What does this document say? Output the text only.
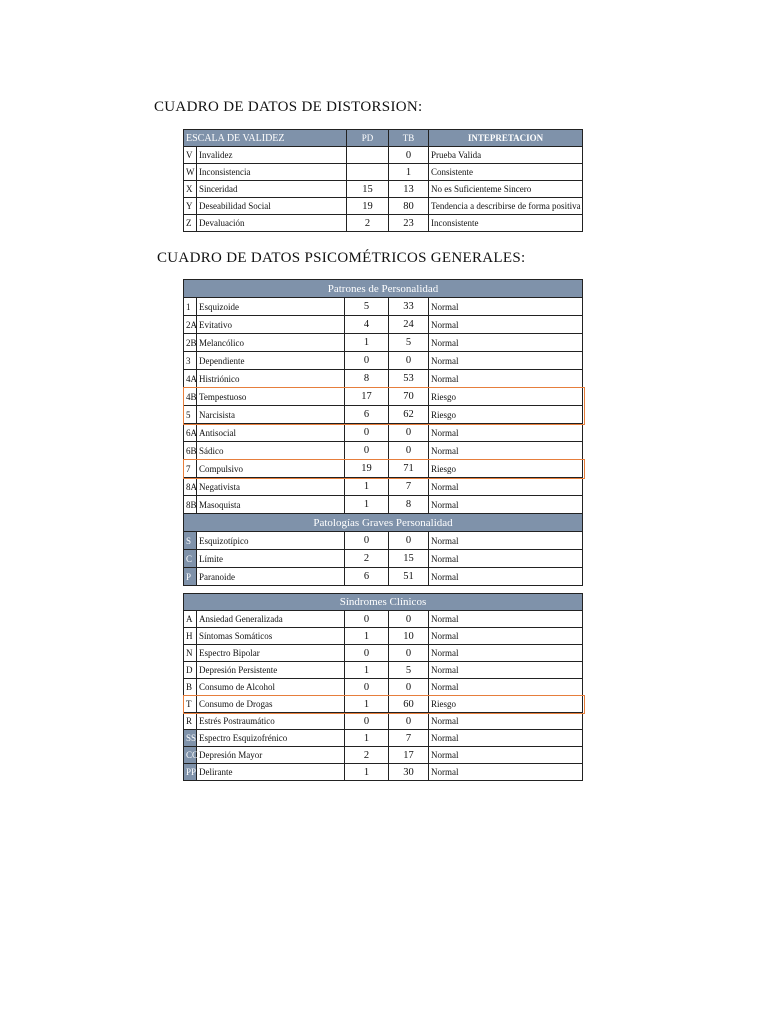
CUADRO DE DATOS DE DISTORSION:
ESCALA DE VALIDEZ		PD	TB	INTEPRETACION
V	Invalidez		0	Prueba Valida
W	Inconsistencia		1	Consistente
X	Sinceridad	15	13	No es Suficienteme Sincero
Y	Deseabilidad Social	19	80	Tendencia a describirse de forma positiva
Z	Devaluación	2	23	Inconsistente
CUADRO DE DATOS PSICOMÉTRICOS GENERALES:
Patrones de Personalidad				
1	Esquizoide	5	33	Normal
2A	Evitativo	4	24	Normal
2B	Melancólico	1	5	Normal
3	Dependiente	0	0	Normal
4A	Histriónico	8	53	Normal
4B	Tempestuoso	17	70	Riesgo
5	Narcisista	6	62	Riesgo
6A	Antisocial	0	0	Normal
6B	Sádico	0	0	Normal
7	Compulsivo	19	71	Riesgo
8A	Negativista	1	7	Normal
8B	Masoquista	1	8	Normal
Patologías Graves Personalidad				
S	Esquizotípico	0	0	Normal
C	Límite	2	15	Normal
P	Paranoide	6	51	Normal
Síndromes Clínicos				
A	Ansiedad Generalizada	0	0	Normal
H	Síntomas Somáticos	1	10	Normal
N	Espectro Bipolar	0	0	Normal
D	Depresión Persistente	1	5	Normal
B	Consumo de Alcohol	0	0	Normal
T	Consumo de Drogas	1	60	Riesgo
R	Estrés Postraumático	0	0	Normal
SS	Espectro Esquizofrénico	1	7	Normal
CC	Depresión Mayor	2	17	Normal
PP	Delirante	1	30	Normal
